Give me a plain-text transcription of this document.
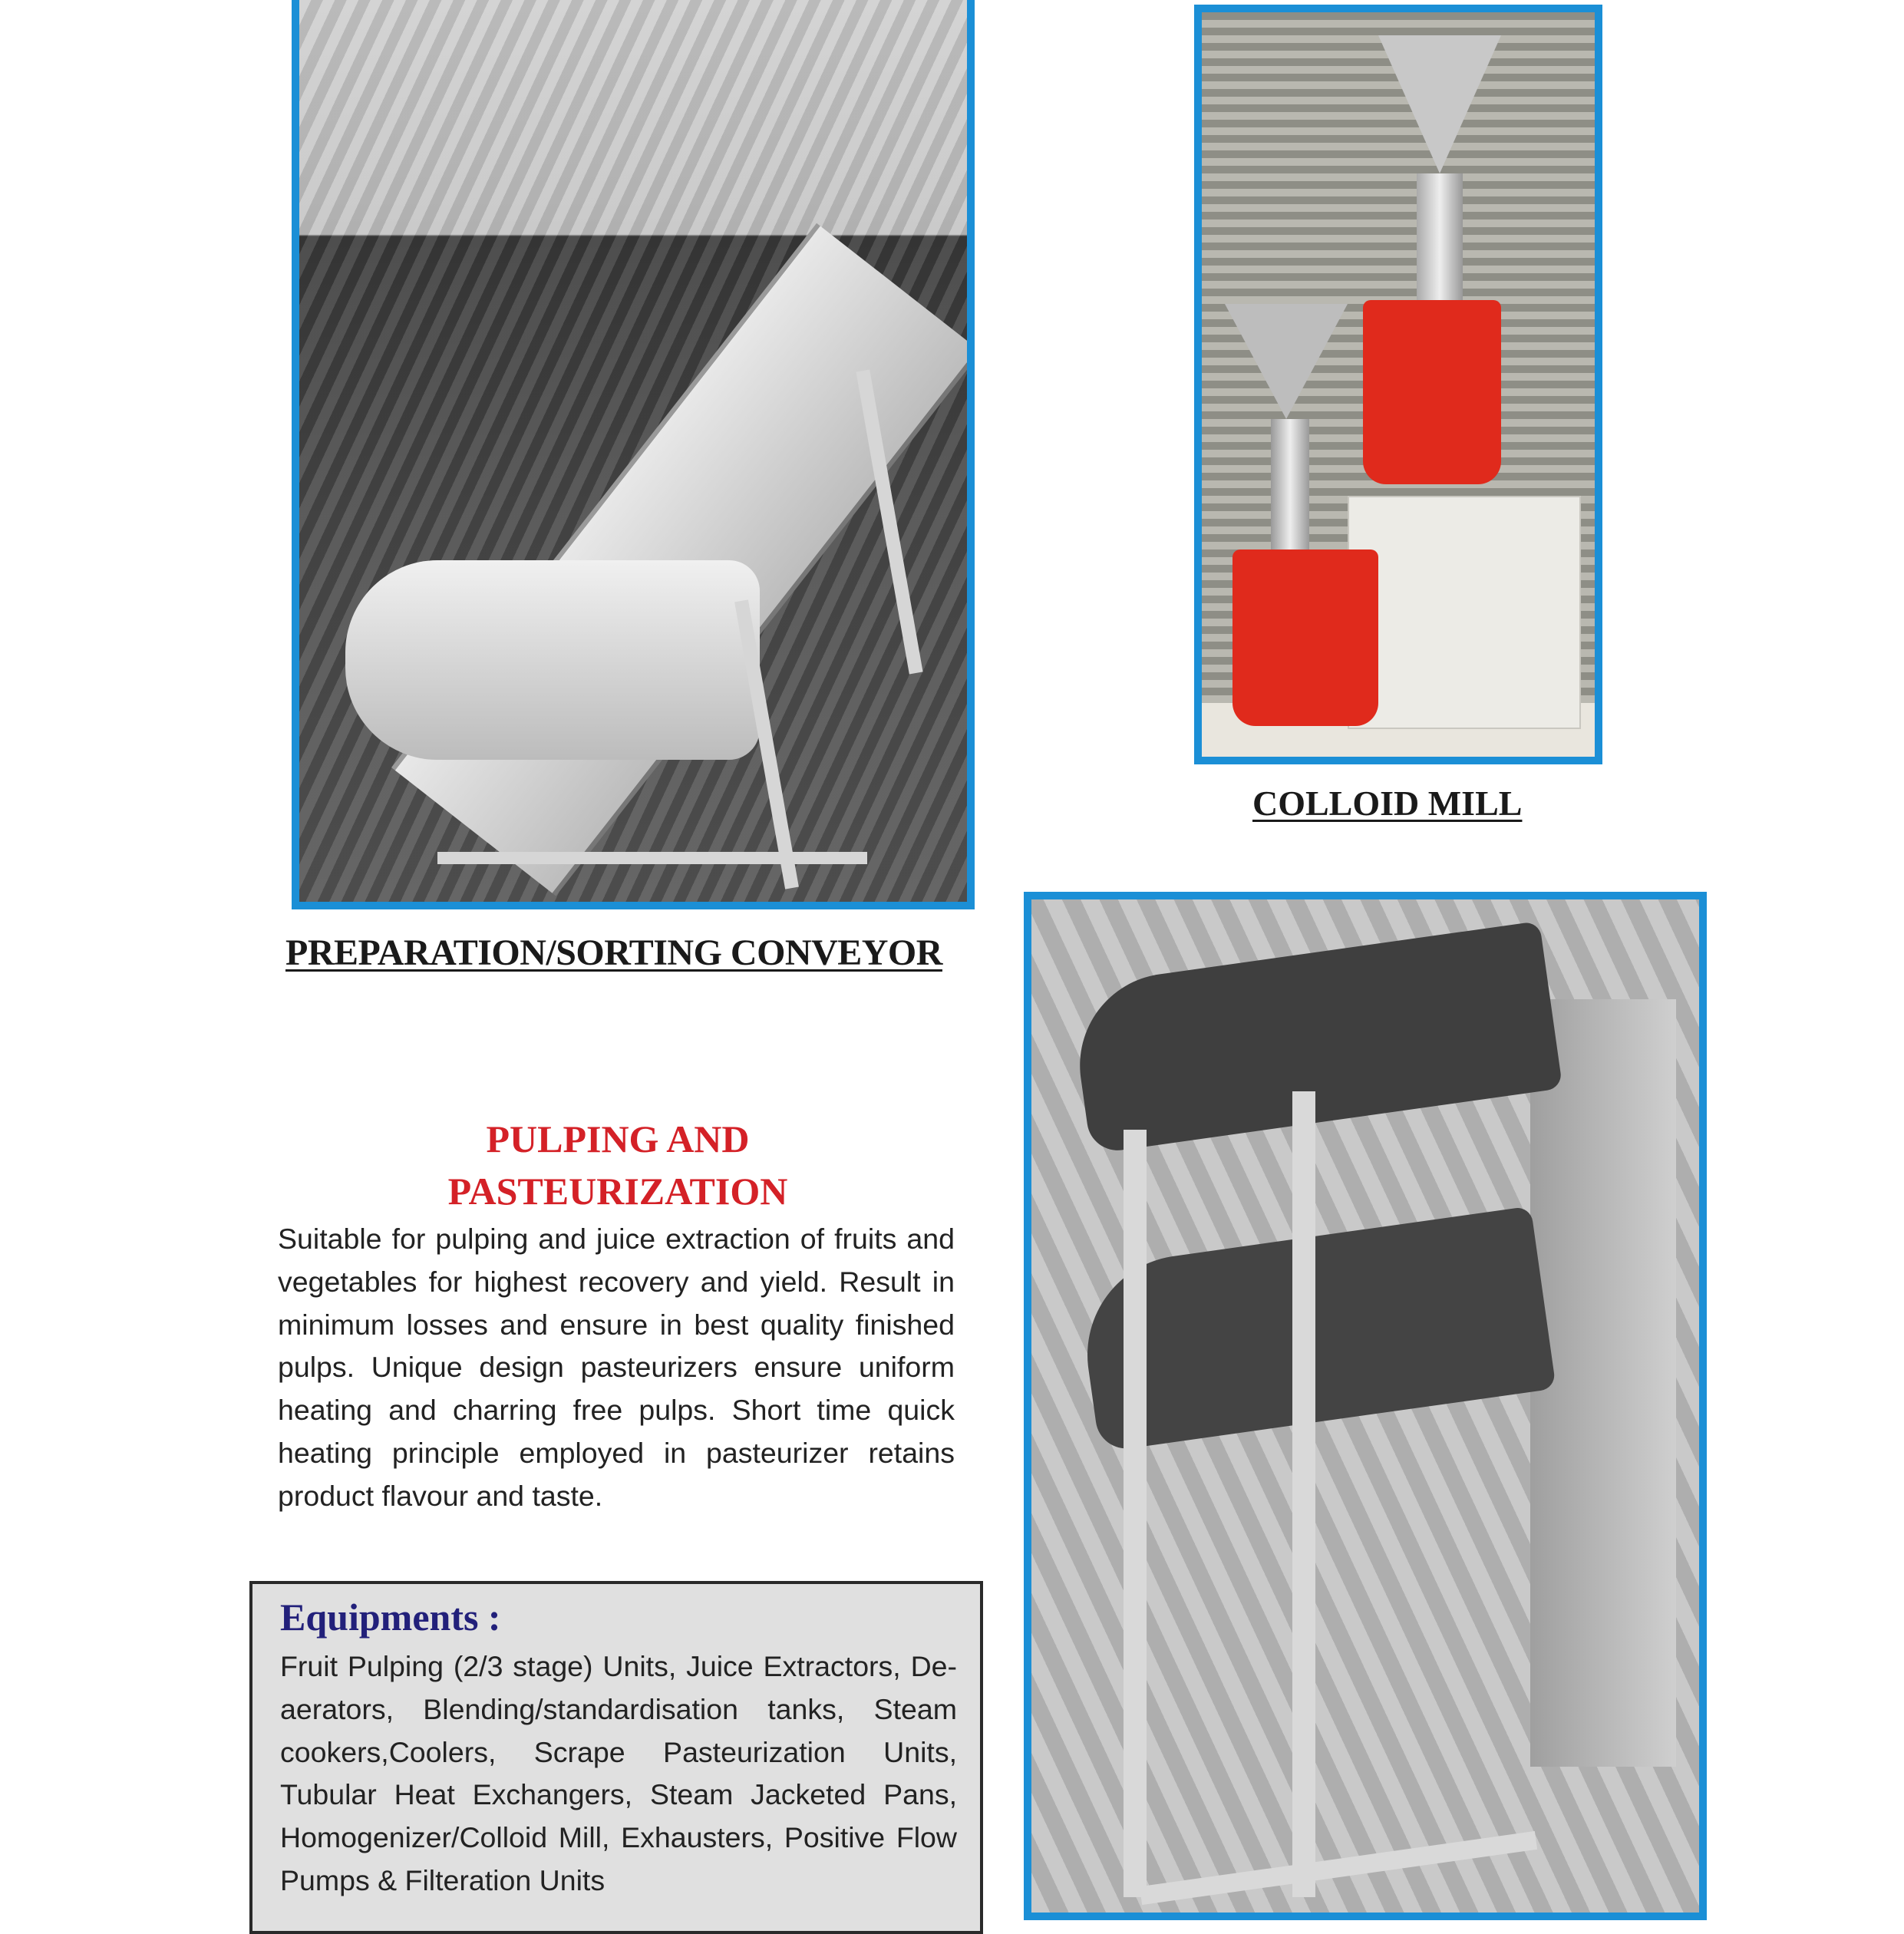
COLLOID MILL
PREPARATION/SORTING CONVEYOR
PULPING AND
PASTEURIZATION
Suitable for pulping and juice extraction of fruits and vegetables for highest recovery and yield. Result in minimum losses and ensure in best quality finished pulps. Unique design pasteurizers ensure uniform heating and charring free pulps. Short time quick heating principle employed in pasteurizer retains product flavour and taste.
Equipments :
Fruit Pulping (2/3 stage) Units, Juice Extractors, De-aerators, Blending/standardisation tanks, Steam cookers,Coolers, Scrape Pasteurization Units, Tubular Heat Exchangers, Steam Jacketed Pans, Homogenizer/Colloid Mill, Exhausters, Positive Flow Pumps & Filteration Units
